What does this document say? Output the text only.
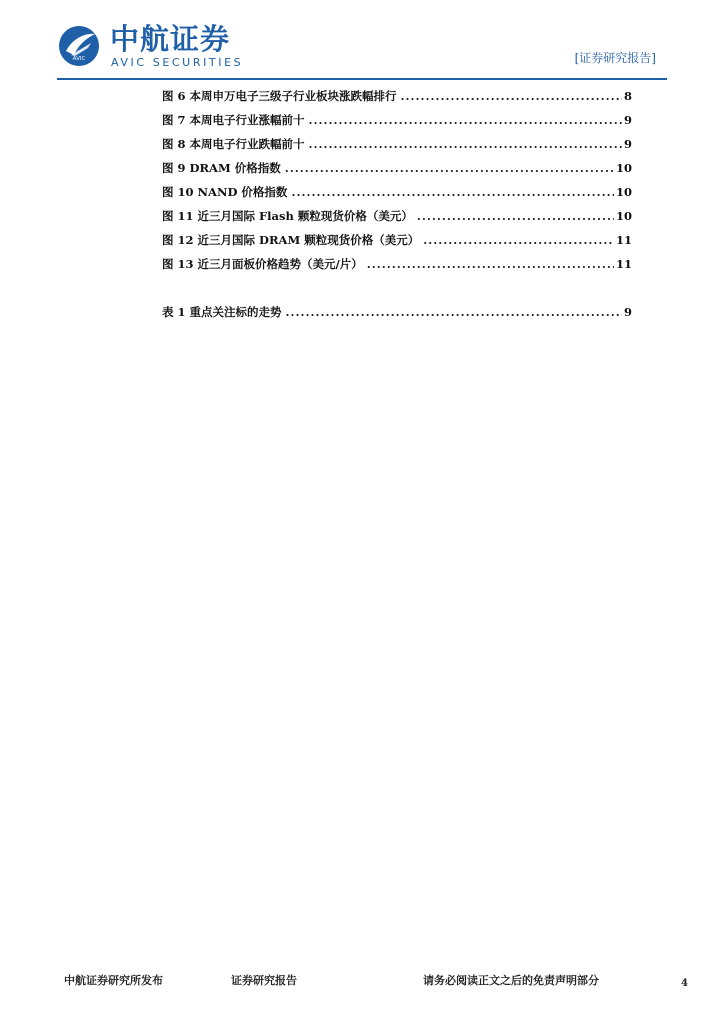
AVIC
中航证券
AVIC SECURITIES	[证券研究报告]
图 6 本周申万电子三级子行业板块涨跌幅排行 .....	8
图 7 本周电子行业涨幅前十 .....	9
图 8 本周电子行业跌幅前十 .....	9
图 9 DRAM 价格指数 .....	10
图 10 NAND 价格指数 .....	10
图 11 近三月国际 Flash 颗粒现货价格（美元） .....	10
图 12 近三月国际 DRAM 颗粒现货价格（美元） .....	11
图 13 近三月面板价格趋势（美元/片） .....	11
表 1 重点关注标的走势 .....	9
中航证券研究所发布	证券研究报告	请务必阅读正文之后的免责声明部分	4
